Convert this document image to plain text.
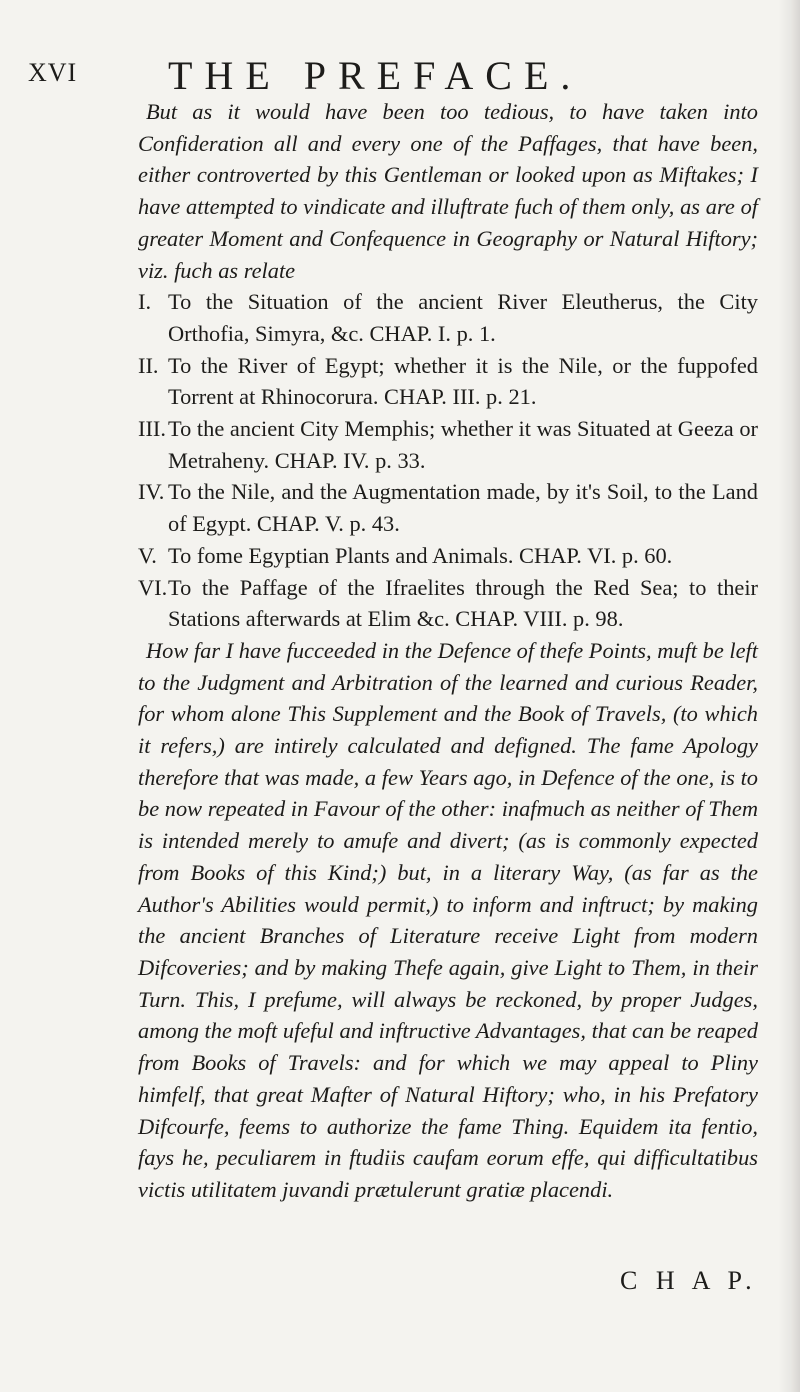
XVI THE PREFACE.

But as it would have been too tedious, to have taken into Confideration all and every one of the Paffages, that have been, either controverted by this Gentleman or looked upon as Miftakes; I have attempted to vindicate and illuftrate fuch of them only, as are of greater Moment and Confequence in Geography or Natural Hiftory; viz. fuch as relate

I. To the Situation of the ancient River Eleutherus, the City Orthofia, Simyra, &c. CHAP. I. p. 1.
II. To the River of Egypt; whether it is the Nile, or the fuppofed Torrent at Rhinocorura. CHAP. III. p. 21.
III. To the ancient City Memphis; whether it was Situated at Geeza or Metraheny. CHAP. IV. p. 33.
IV. To the Nile, and the Augmentation made, by it's Soil, to the Land of Egypt. CHAP. V. p. 43.
V. To fome Egyptian Plants and Animals. CHAP. VI. p. 60.
VI. To the Paffage of the Ifraelites through the Red Sea; to their Stations afterwards at Elim &c. CHAP. VIII. p. 98.

How far I have fucceeded in the Defence of thefe Points, muft be left to the Judgment and Arbitration of the learned and curious Reader, for whom alone This Supplement and the Book of Travels, (to which it refers,) are intirely calculated and defigned. The fame Apology therefore that was made, a few Years ago, in Defence of the one, is to be now repeated in Favour of the other: inafmuch as neither of Them is intended merely to amufe and divert; (as is commonly expected from Books of this Kind;) but, in a literary Way, (as far as the Author's Abilities would permit,) to inform and inftruct; by making the ancient Branches of Literature receive Light from modern Difcoveries; and by making Thefe again, give Light to Them, in their Turn. This, I prefume, will always be reckoned, by proper Judges, among the moft ufeful and inftructive Advantages, that can be reaped from Books of Travels: and for which we may appeal to Pliny himfelf, that great Mafter of Natural Hiftory; who, in his Prefatory Difcourfe, feems to authorize the fame Thing. Equidem ita fentio, fays he, peculiarem in ftudiis caufam eorum effe, qui difficultatibus victis utilitatem juvandi prætulerunt gratiæ placendi.

C H A P.
